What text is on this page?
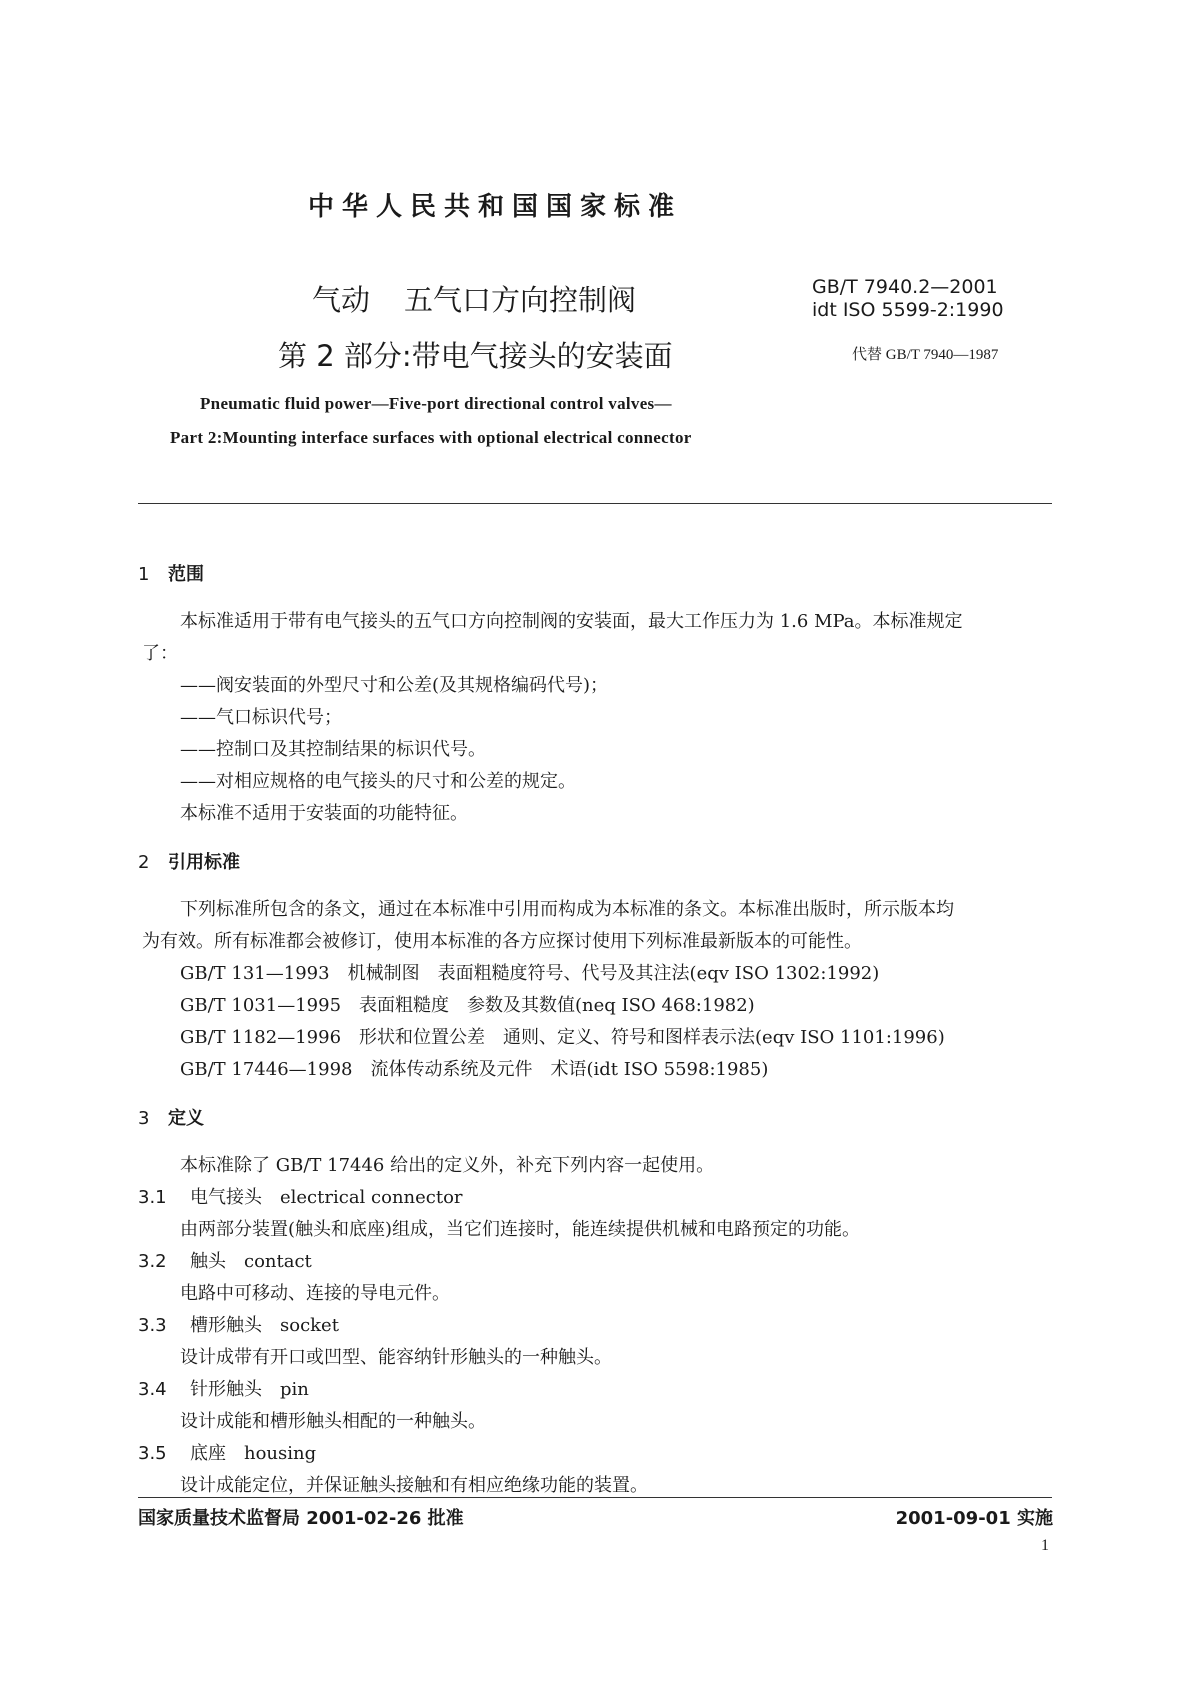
中华人民共和国国家标准
气动 五气口方向控制阀
第 2 部分:带电气接头的安装面
GB/T 7940.2—2001
idt ISO 5599-2:1990
代替 GB/T 7940—1987
Pneumatic fluid power—Five-port directional control valves—
Part 2:Mounting interface surfaces with optional electrical connector
1 范围
本标准适用于带有电气接头的五气口方向控制阀的安装面，最大工作压力为 1.6 MPa。本标准规定
了：
——阀安装面的外型尺寸和公差(及其规格编码代号)；
——气口标识代号；
——控制口及其控制结果的标识代号。
——对相应规格的电气接头的尺寸和公差的规定。
本标准不适用于安装面的功能特征。
2 引用标准
下列标准所包含的条文，通过在本标准中引用而构成为本标准的条文。本标准出版时，所示版本均
为有效。所有标准都会被修订，使用本标准的各方应探讨使用下列标准最新版本的可能性。
GB/T 131—1993　机械制图　表面粗糙度符号、代号及其注法(eqv ISO 1302:1992)
GB/T 1031—1995　表面粗糙度　参数及其数值(neq ISO 468:1982)
GB/T 1182—1996　形状和位置公差　通则、定义、符号和图样表示法(eqv ISO 1101:1996)
GB/T 17446—1998　流体传动系统及元件　术语(idt ISO 5598:1985)
3 定义
本标准除了 GB/T 17446 给出的定义外，补充下列内容一起使用。
3.1 电气接头　electrical connector
由两部分装置(触头和底座)组成，当它们连接时，能连续提供机械和电路预定的功能。
3.2 触头　contact
电路中可移动、连接的导电元件。
3.3 槽形触头　socket
设计成带有开口或凹型、能容纳针形触头的一种触头。
3.4 针形触头　pin
设计成能和槽形触头相配的一种触头。
3.5 底座　housing
设计成能定位，并保证触头接触和有相应绝缘功能的装置。
国家质量技术监督局 2001-02-26 批准	2001-09-01 实施
1
